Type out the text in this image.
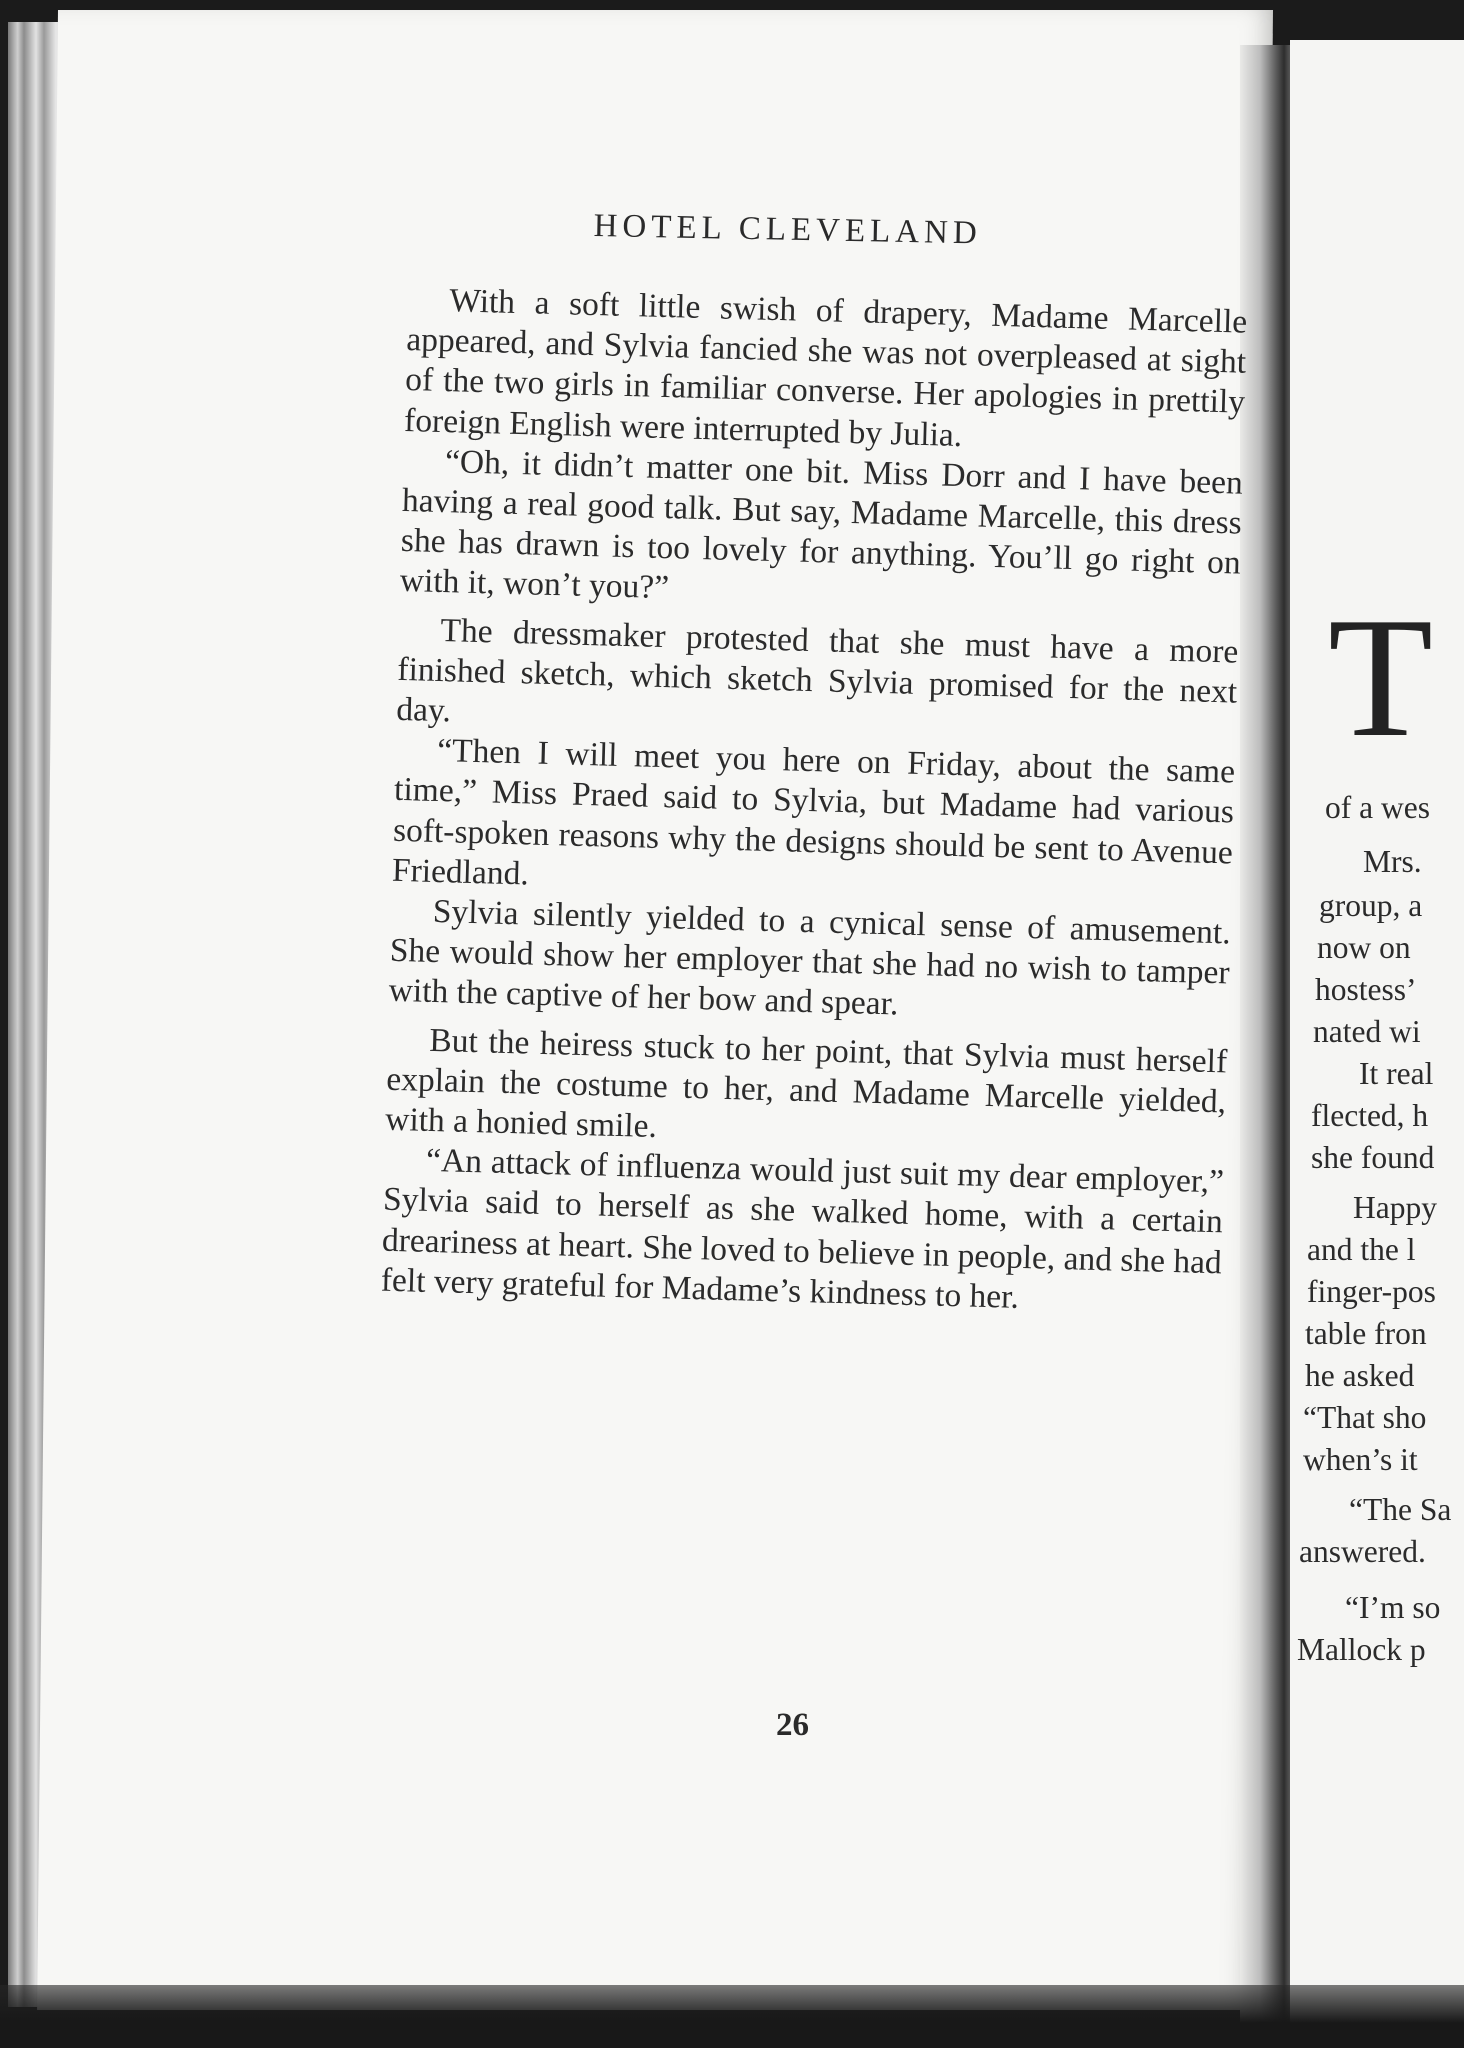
HOTEL CLEVELAND

With a soft little swish of drapery, Madame Marcelle appeared, and Sylvia fancied she was not overpleased at sight of the two girls in familiar converse. Her apologies in prettily foreign English were interrupted by Julia.

“Oh, it didn’t matter one bit. Miss Dorr and I have been having a real good talk. But say, Madame Marcelle, this dress she has drawn is too lovely for anything. You’ll go right on with it, won’t you?”

The dressmaker protested that she must have a more finished sketch, which sketch Sylvia promised for the next day.

“Then I will meet you here on Friday, about the same time,” Miss Praed said to Sylvia, but Madame had various soft-spoken reasons why the designs should be sent to Avenue Friedland.

Sylvia silently yielded to a cynical sense of amusement. She would show her employer that she had no wish to tamper with the captive of her bow and spear.

But the heiress stuck to her point, that Sylvia must herself explain the costume to her, and Madame Marcelle yielded, with a honied smile.

“An attack of influenza would just suit my dear employer,” Sylvia said to herself as she walked home, with a certain dreariness at heart. She loved to believe in people, and she had felt very grateful for Madame’s kindness to her.

26
T
of a wes
Mrs.
group, a
now on
hostess’
nated wi
It real
flected, h
she found
Happy
and the l
finger-pos
table fron
he asked
“That sho
when’s it
“The Sa
answered.
“I’m so
Mallock p
